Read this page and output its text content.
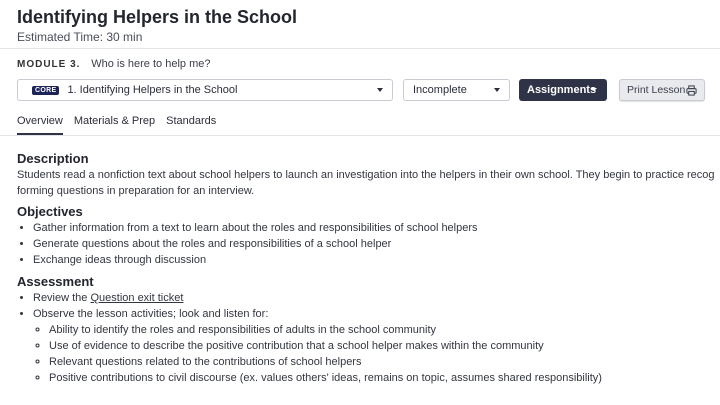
Identifying Helpers in the School
Estimated Time: 30 min
MODULE 3. Who is here to help me?
CORE 1. Identifying Helpers in the School	Incomplete	Assignments	Print Lesson
Overview Materials & Prep Standards
Description

Students read a nonfiction text about school helpers to launch an investigation into the helpers in their own school. They begin to practice recog

forming questions in preparation for an interview.

Objectives
• Gather information from a text to learn about the roles and responsibilities of school helpers
• Generate questions about the roles and responsibilities of a school helper
• Exchange ideas through discussion
Assessment
• Review the Question exit ticket
• Observe the lesson activities; look and listen for:
◦ Ability to identify the roles and responsibilities of adults in the school community
◦ Use of evidence to describe the positive contribution that a school helper makes within the community
◦ Relevant questions related to the contributions of school helpers
◦ Positive contributions to civil discourse (ex. values others' ideas, remains on topic, assumes shared responsibility)
